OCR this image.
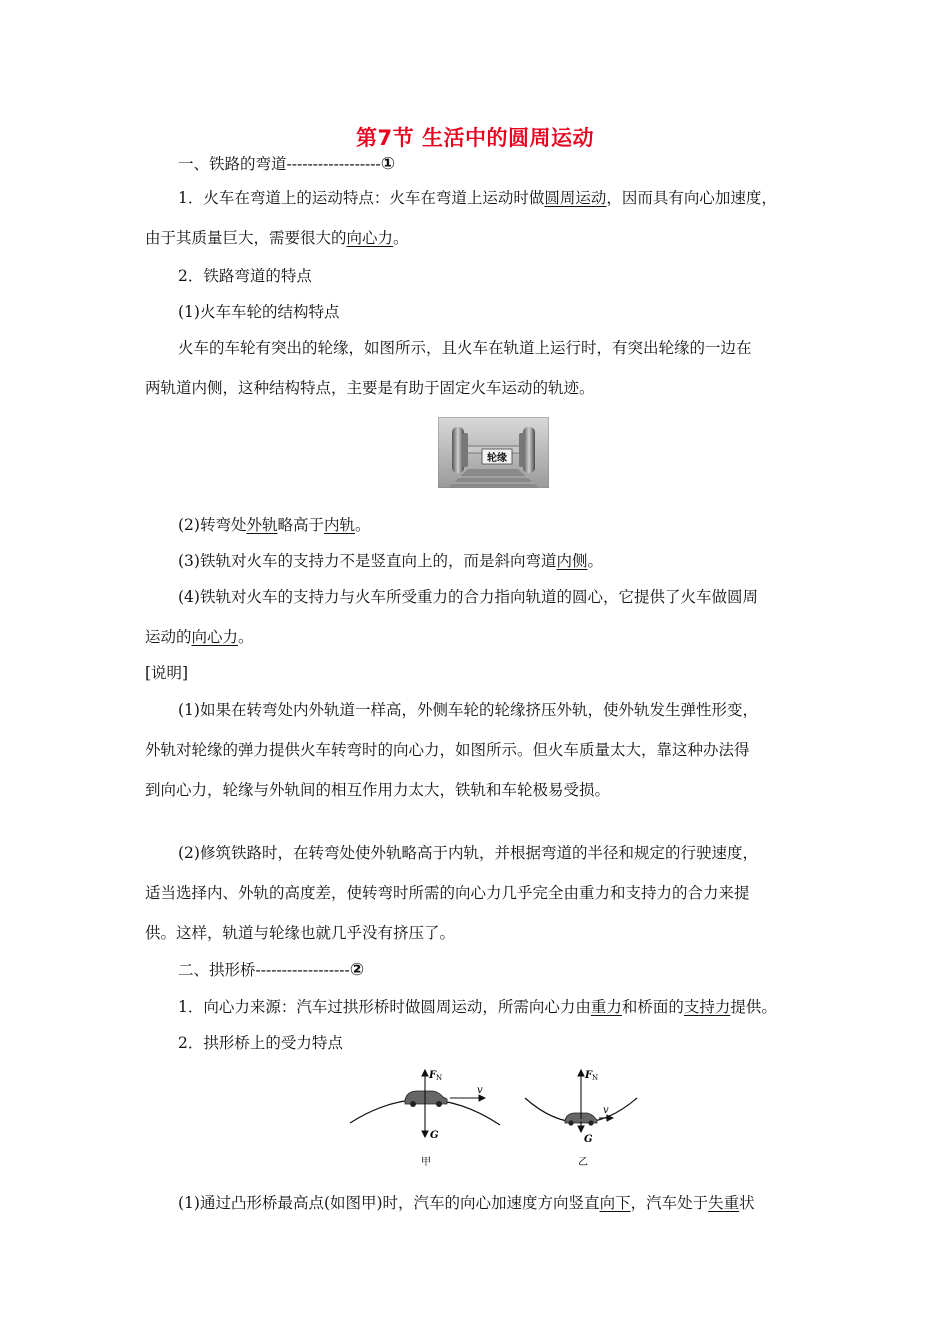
第7节 生活中的圆周运动
一、铁路的弯道------------------①
1．火车在弯道上的运动特点：火车在弯道上运动时做圆周运动，因而具有向心加速度，
由于其质量巨大，需要很大的向心力。
2．铁路弯道的特点
(1)火车车轮的结构特点
火车的车轮有突出的轮缘，如图所示，且火车在轨道上运行时，有突出轮缘的一边在
两轨道内侧，这种结构特点，主要是有助于固定火车运动的轨迹。
轮缘
(2)转弯处外轨略高于内轨。
(3)铁轨对火车的支持力不是竖直向上的，而是斜向弯道内侧。
(4)铁轨对火车的支持力与火车所受重力的合力指向轨道的圆心，它提供了火车做圆周
运动的向心力。
[说明]
(1)如果在转弯处内外轨道一样高，外侧车轮的轮缘挤压外轨，使外轨发生弹性形变，
外轨对轮缘的弹力提供火车转弯时的向心力，如图所示。但火车质量太大，靠这种办法得
到向心力，轮缘与外轨间的相互作用力太大，铁轨和车轮极易受损。
(2)修筑铁路时，在转弯处使外轨略高于内轨，并根据弯道的半径和规定的行驶速度，
适当选择内、外轨的高度差，使转弯时所需的向心力几乎完全由重力和支持力的合力来提
供。这样，轨道与轮缘也就几乎没有挤压了。
二、拱形桥------------------②
1．向心力来源：汽车过拱形桥时做圆周运动，所需向心力由重力和桥面的支持力提供。
2．拱形桥上的受力特点
F N
v
G
甲
F N
v
G
乙
(1)通过凸形桥最高点(如图甲)时，汽车的向心加速度方向竖直向下，汽车处于失重状
